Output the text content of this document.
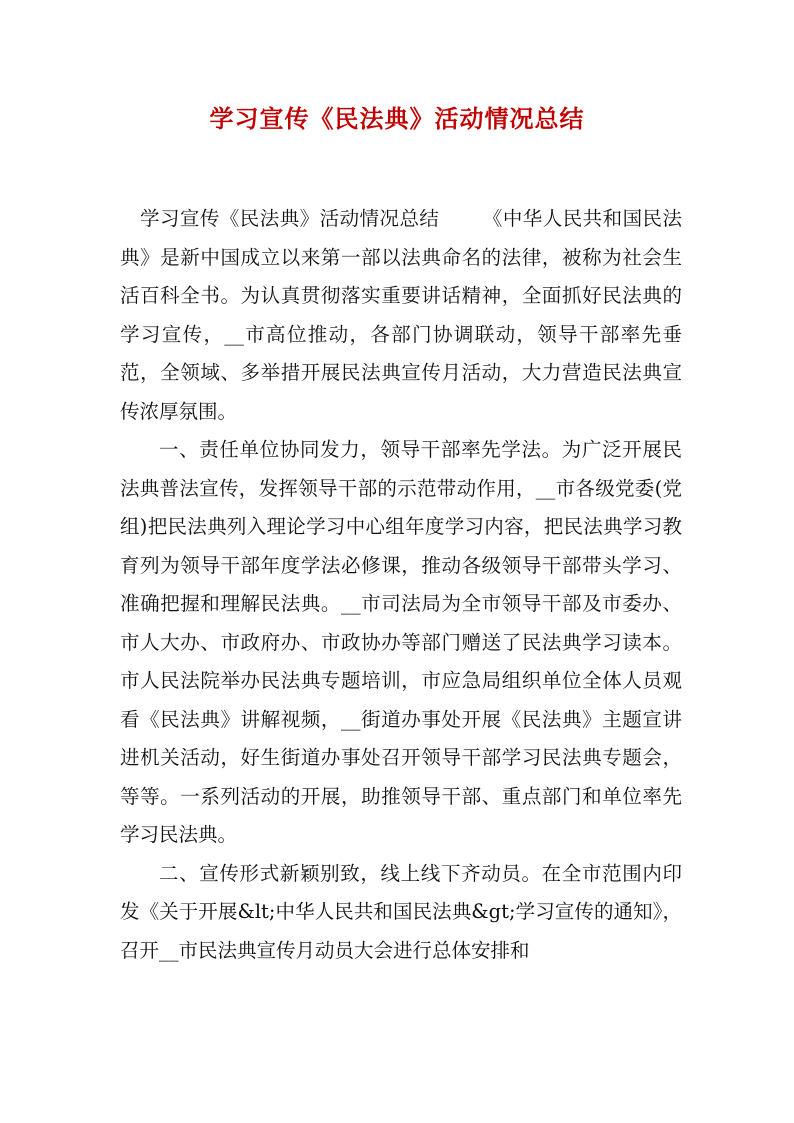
学习宣传《民法典》活动情况总结

学习宣传《民法典》活动情况总结 　 　《中华人民共和国民法典》是新中国成立以来第一部以法典命名的法律，被称为社会生活百科全书。为认真贯彻落实重要讲话精神，全面抓好民法典的学习宣传，__市高位推动，各部门协调联动，领导干部率先垂范，全领域、多举措开展民法典宣传月活动，大力营造民法典宣传浓厚氛围。

一、责任单位协同发力，领导干部率先学法。为广泛开展民法典普法宣传，发挥领导干部的示范带动作用，__市各级党委(党组)把民法典列入理论学习中心组年度学习内容，把民法典学习教育列为领导干部年度学法必修课，推动各级领导干部带头学习、准确把握和理解民法典。__市司法局为全市领导干部及市委办、市人大办、市政府办、市政协办等部门赠送了民法典学习读本。市人民法院举办民法典专题培训，市应急局组织单位全体人员观看《民法典》讲解视频，__街道办事处开展《民法典》主题宣讲进机关活动，好生街道办事处召开领导干部学习民法典专题会，等等。一系列活动的开展，助推领导干部、重点部门和单位率先学习民法典。

二、宣传形式新颖别致，线上线下齐动员。在全市范围内印发《关于开展&lt;中华人民共和国民法典&gt;学习宣传的通知》，召开__市民法典宣传月动员大会进行总体安排和
